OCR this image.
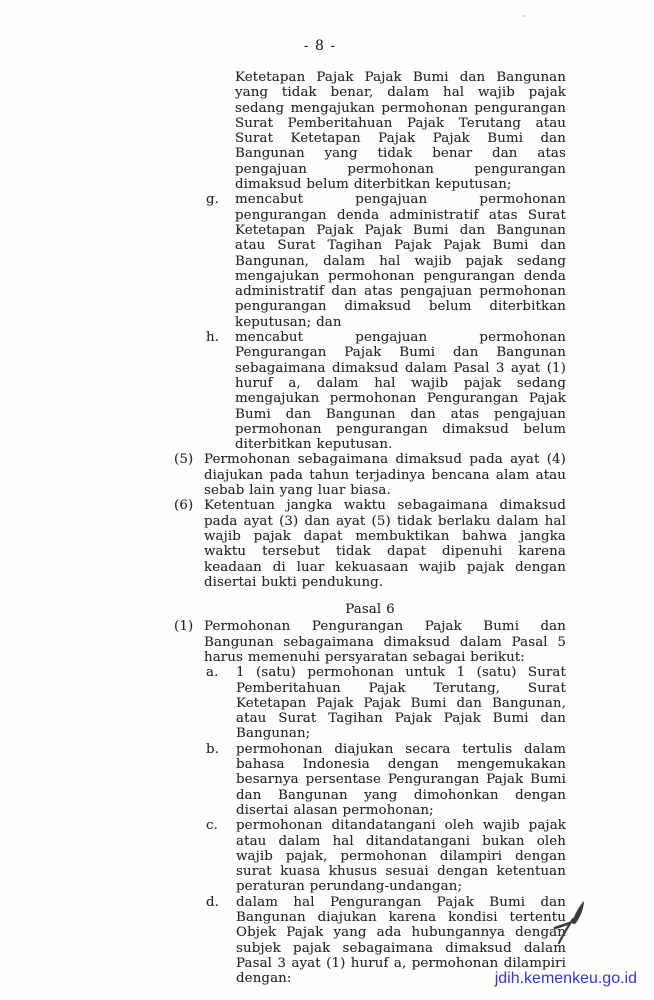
- 8 -
Ketetapan Pajak Pajak Bumi dan Bangunan yang tidak benar, dalam hal wajib pajak sedang mengajukan permohonan pengurangan Surat Pemberitahuan Pajak Terutang atau Surat Ketetapan Pajak Pajak Bumi dan Bangunan yang tidak benar dan atas pengajuan permohonan pengurangan dimaksud belum diterbitkan keputusan;
g.	mencabut pengajuan permohonan pengurangan denda administratif atas Surat Ketetapan Pajak Pajak Bumi dan Bangunan atau Surat Tagihan Pajak Pajak Bumi dan Bangunan, dalam hal wajib pajak sedang mengajukan permohonan pengurangan denda administratif dan atas pengajuan permohonan pengurangan dimaksud belum diterbitkan keputusan; dan
h.	mencabut pengajuan permohonan Pengurangan Pajak Bumi dan Bangunan sebagaimana dimaksud dalam Pasal 3 ayat (1) huruf a, dalam hal wajib pajak sedang mengajukan permohonan Pengurangan Pajak Bumi dan Bangunan dan atas pengajuan permohonan pengurangan dimaksud belum diterbitkan keputusan.
(5) Permohonan sebagaimana dimaksud pada ayat (4) diajukan pada tahun terjadinya bencana alam atau sebab lain yang luar biasa.
(6) Ketentuan jangka waktu sebagaimana dimaksud pada ayat (3) dan ayat (5) tidak berlaku dalam hal wajib pajak dapat membuktikan bahwa jangka waktu tersebut tidak dapat dipenuhi karena keadaan di luar kekuasaan wajib pajak dengan disertai bukti pendukung.
Pasal 6
(1) Permohonan Pengurangan Pajak Bumi dan Bangunan sebagaimana dimaksud dalam Pasal 5 harus memenuhi persyaratan sebagai berikut:
a.	1 (satu) permohonan untuk 1 (satu) Surat Pemberitahuan Pajak Terutang, Surat Ketetapan Pajak Pajak Bumi dan Bangunan, atau Surat Tagihan Pajak Pajak Bumi dan Bangunan;
b.	permohonan diajukan secara tertulis dalam bahasa Indonesia dengan mengemukakan besarnya persentase Pengurangan Pajak Bumi dan Bangunan yang dimohonkan dengan disertai alasan permohonan;
c.	permohonan ditandatangani oleh wajib pajak atau dalam hal ditandatangani bukan oleh wajib pajak, permohonan dilampiri dengan surat kuasa khusus sesuai dengan ketentuan peraturan perundang-undangan;
d.	dalam hal Pengurangan Pajak Bumi dan Bangunan diajukan karena kondisi tertentu Objek Pajak yang ada hubungannya dengan subjek pajak sebagaimana dimaksud dalam Pasal 3 ayat (1) huruf a, permohonan dilampiri dengan:	jdih.kemenkeu.go.id
